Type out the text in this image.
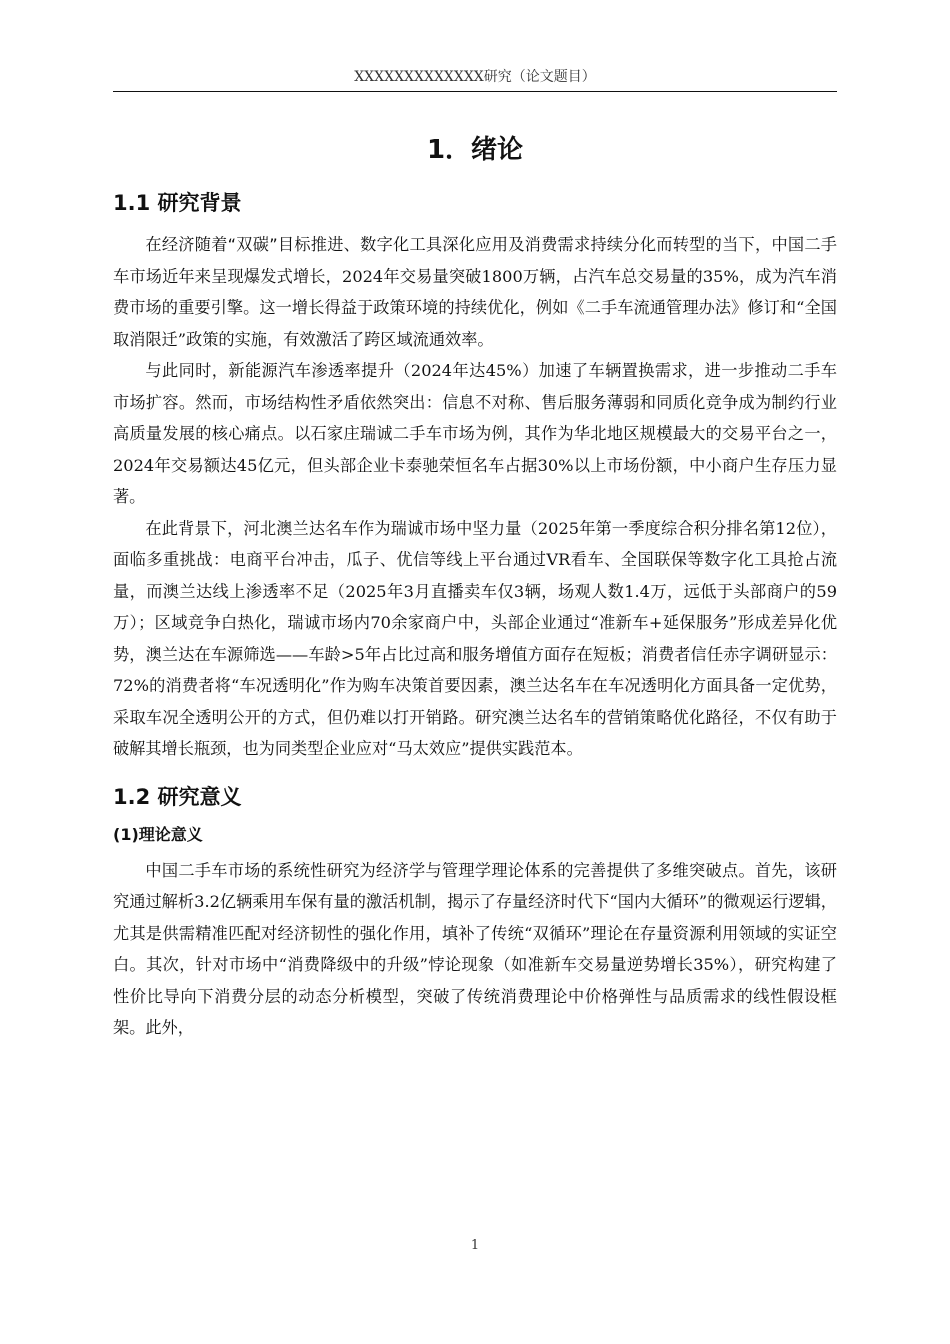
XXXXXXXXXXXXX研究（论文题目）
1．绪论
1.1 研究背景

在经济随着“双碳”目标推进、数字化工具深化应用及消费需求持续分化而转型的当下，中国二手车市场近年来呈现爆发式增长，2024年交易量突破1800万辆，占汽车总交易量的35%，成为汽车消费市场的重要引擎。这一增长得益于政策环境的持续优化，例如《二手车流通管理办法》修订和“全国取消限迁”政策的实施，有效激活了跨区域流通效率。

与此同时，新能源汽车渗透率提升（2024年达45%）加速了车辆置换需求，进一步推动二手车市场扩容。然而，市场结构性矛盾依然突出：信息不对称、售后服务薄弱和同质化竞争成为制约行业高质量发展的核心痛点。以石家庄瑞诚二手车市场为例，其作为华北地区规模最大的交易平台之一，2024年交易额达45亿元，但头部企业卡泰驰荣恒名车占据30%以上市场份额，中小商户生存压力显著。

在此背景下，河北澳兰达名车作为瑞诚市场中坚力量（2025年第一季度综合积分排名第12位），面临多重挑战：电商平台冲击，瓜子、优信等线上平台通过VR看车、全国联保等数字化工具抢占流量，而澳兰达线上渗透率不足（2025年3月直播卖车仅3辆，场观人数1.4万，远低于头部商户的59万）；区域竞争白热化，瑞诚市场内70余家商户中，头部企业通过“准新车+延保服务”形成差异化优势，澳兰达在车源筛选——车龄>5年占比过高和服务增值方面存在短板；消费者信任赤字调研显示：72%的消费者将“车况透明化”作为购车决策首要因素，澳兰达名车在车况透明化方面具备一定优势，采取车况全透明公开的方式，但仍难以打开销路。研究澳兰达名车的营销策略优化路径，不仅有助于破解其增长瓶颈，也为同类型企业应对“马太效应”提供实践范本。

1.2 研究意义
(1)理论意义

中国二手车市场的系统性研究为经济学与管理学理论体系的完善提供了多维突破点。首先，该研究通过解析3.2亿辆乘用车保有量的激活机制，揭示了存量经济时代下“国内大循环”的微观运行逻辑，尤其是供需精准匹配对经济韧性的强化作用，填补了传统“双循环”理论在存量资源利用领域的实证空白。其次，针对市场中“消费降级中的升级”悖论现象（如准新车交易量逆势增长35%），研究构建了性价比导向下消费分层的动态分析模型，突破了传统消费理论中价格弹性与品质需求的线性假设框架。此外，

1
